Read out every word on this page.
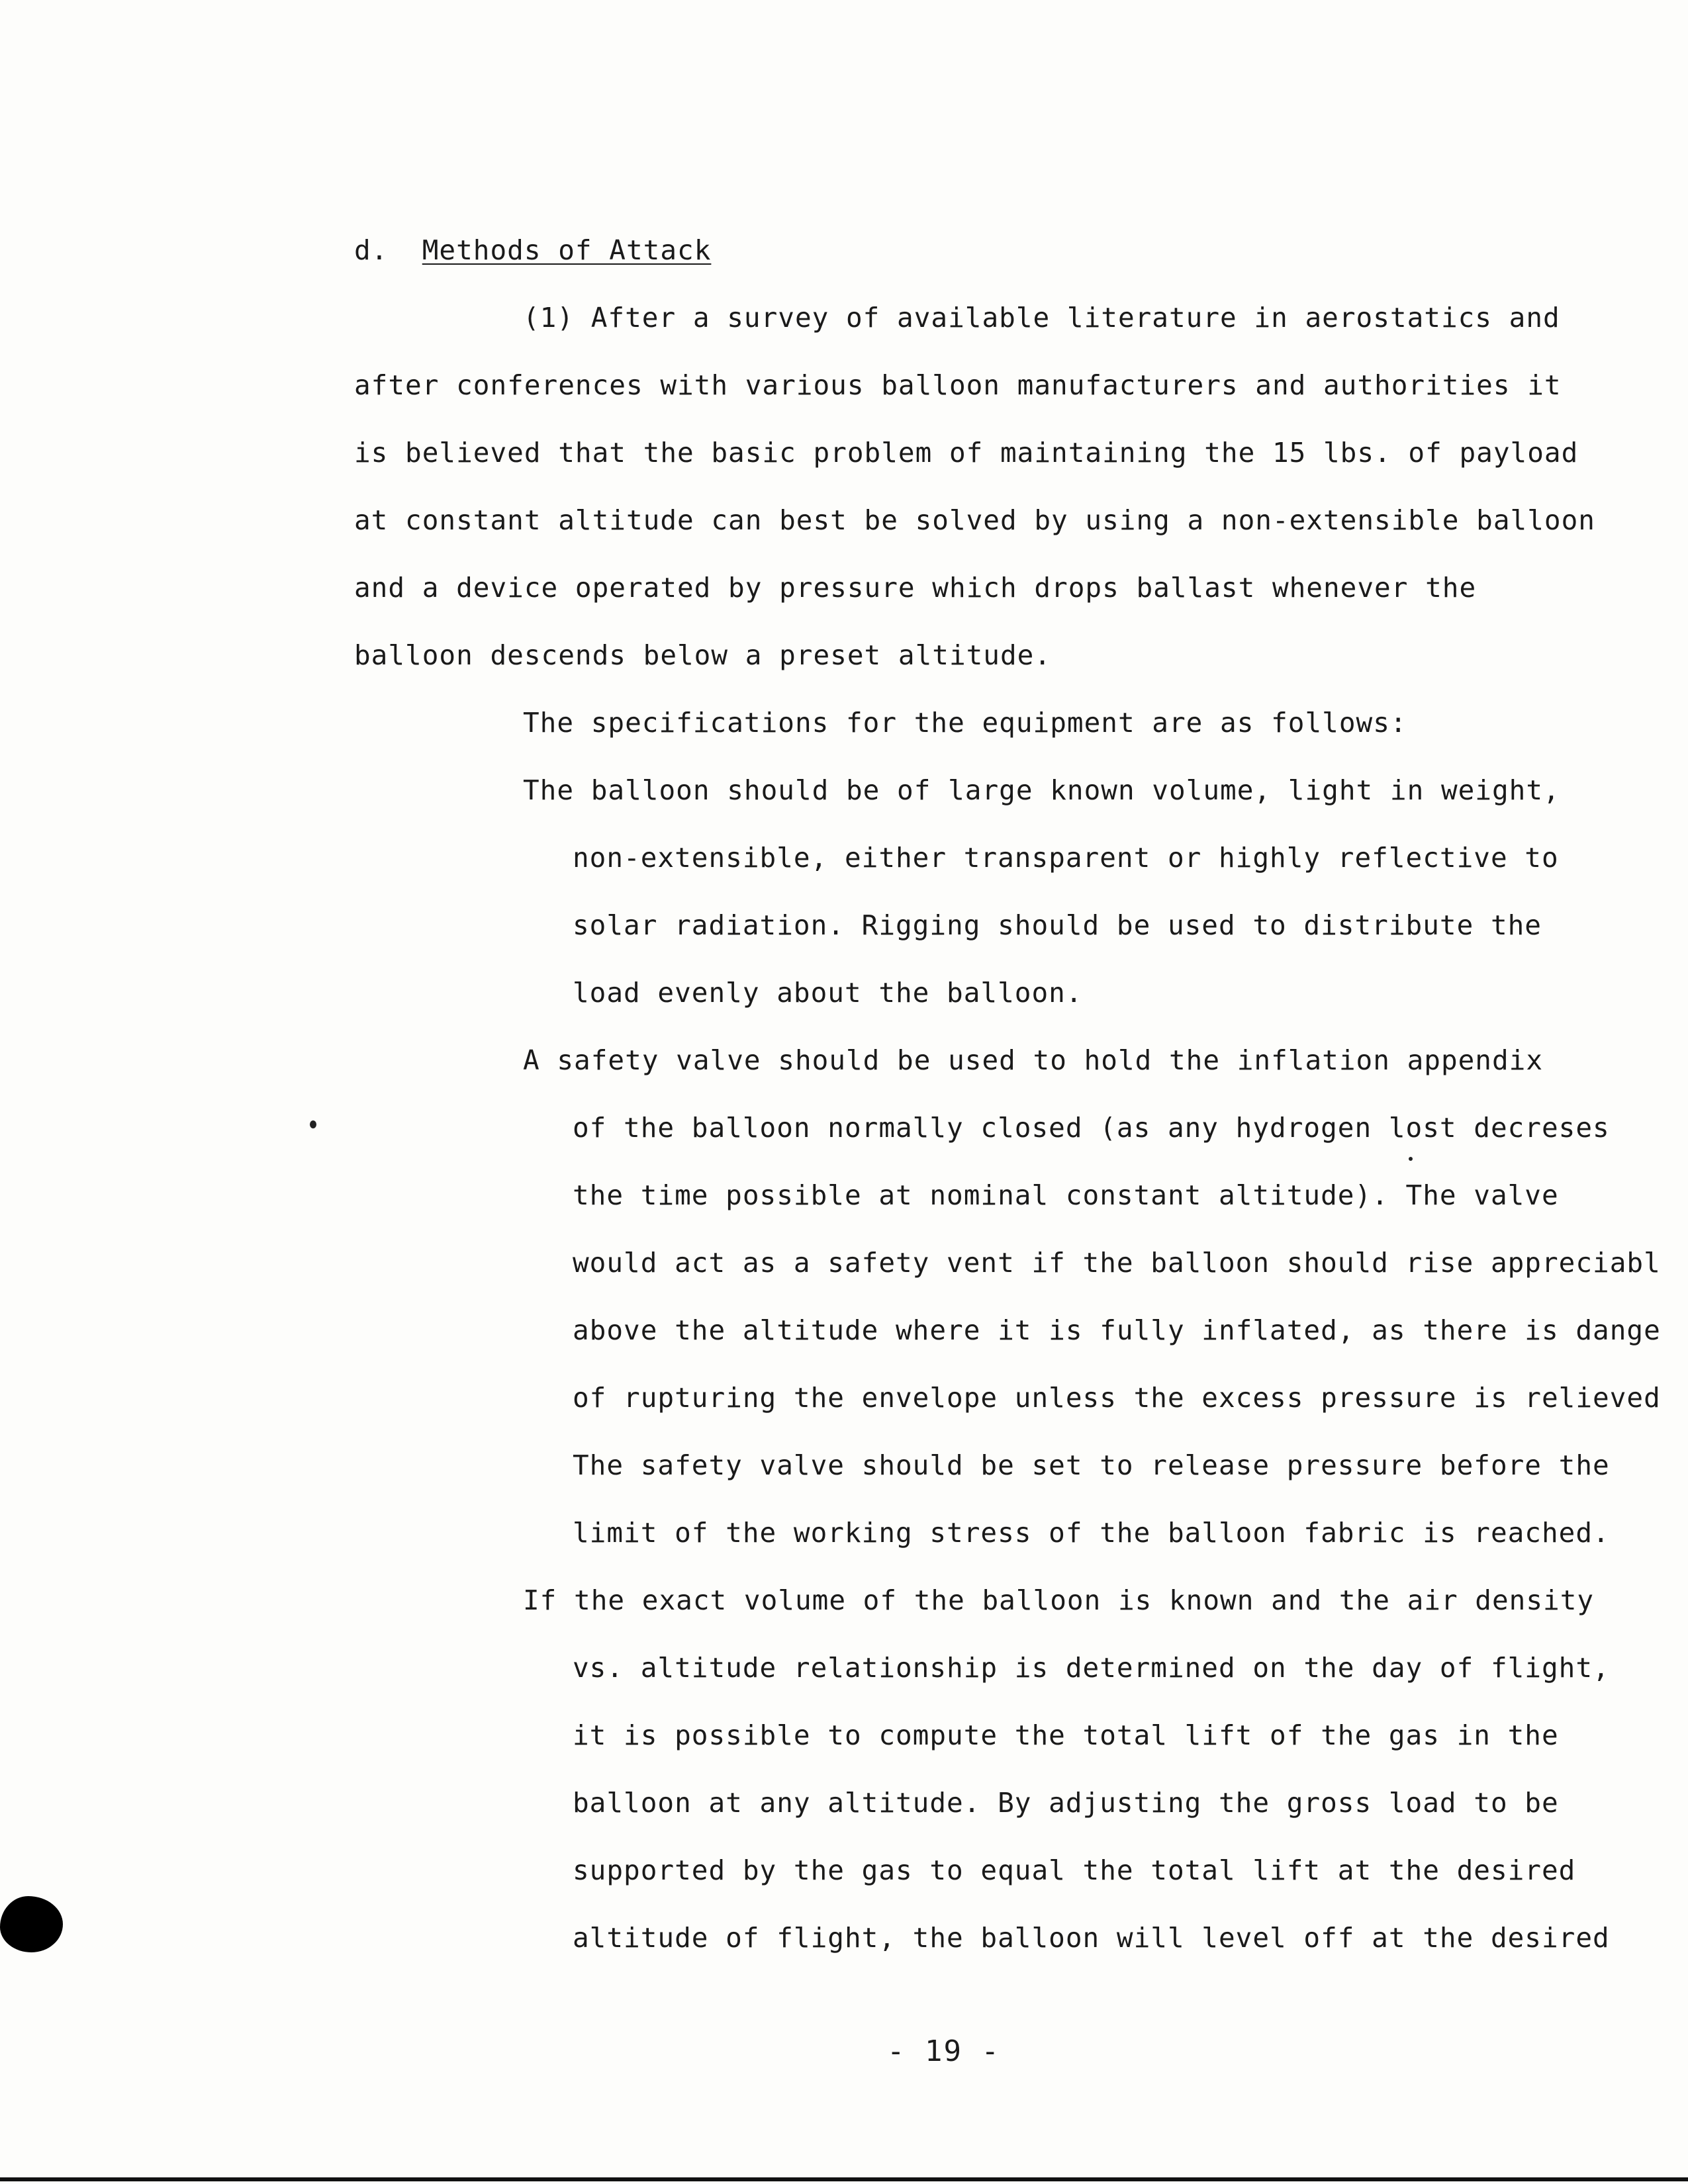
d. Methods of Attack
(1) After a survey of available literature in aerostatics and
after conferences with various balloon manufacturers and authorities it
is believed that the basic problem of maintaining the 15 lbs. of payload
at constant altitude can best be solved by using a non-extensible balloon
and a device operated by pressure which drops ballast whenever the
balloon descends below a preset altitude.
The specifications for the equipment are as follows:
The balloon should be of large known volume, light in weight,
non-extensible, either transparent or highly reflective to
solar radiation. Rigging should be used to distribute the
load evenly about the balloon.
A safety valve should be used to hold the inflation appendix
of the balloon normally closed (as any hydrogen lost decreses
the time possible at nominal constant altitude). The valve
would act as a safety vent if the balloon should rise appreciabl
above the altitude where it is fully inflated, as there is dange
of rupturing the envelope unless the excess pressure is relieved
The safety valve should be set to release pressure before the
limit of the working stress of the balloon fabric is reached.
If the exact volume of the balloon is known and the air density
vs. altitude relationship is determined on the day of flight,
it is possible to compute the total lift of the gas in the
balloon at any altitude. By adjusting the gross load to be
supported by the gas to equal the total lift at the desired
altitude of flight, the balloon will level off at the desired
- 19 -
